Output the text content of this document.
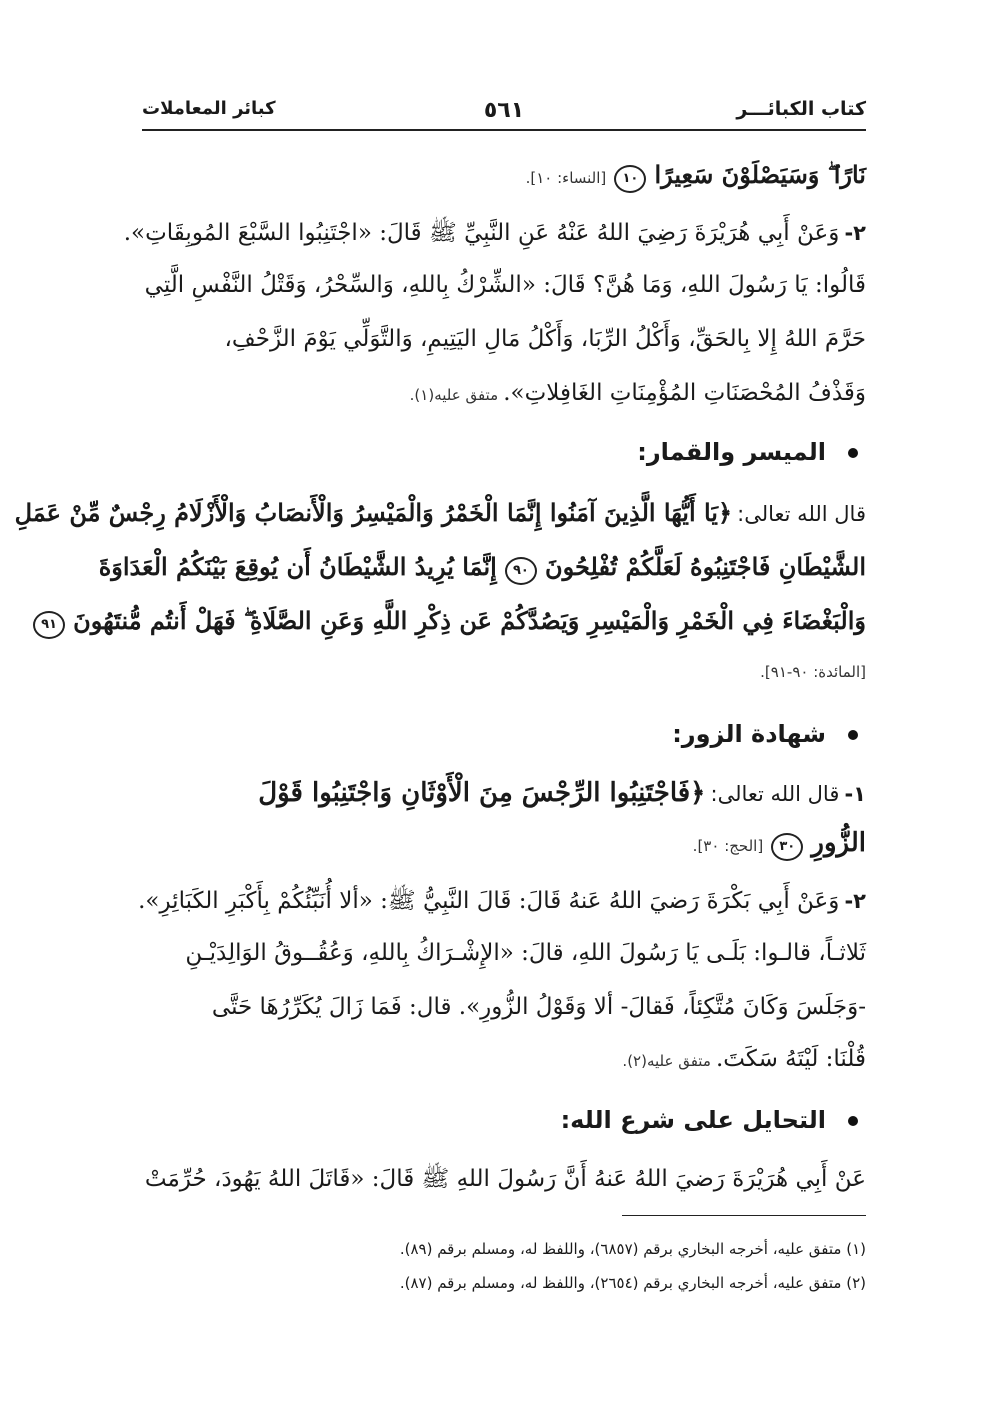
كتاب الكبائـــر
٥٦١
كبائر المعاملات
نَارًا ۖ وَسَيَصْلَوْنَ سَعِيرًا ١٠ [النساء: ١٠].
٢- وَعَنْ أَبِي هُرَيْرَةَ رَضِيَ اللهُ عَنْهُ عَنِ النَّبِيِّ ﷺ قَالَ: «اجْتَنِبُوا السَّبْعَ المُوبِقَاتِ».
قَالُوا: يَا رَسُولَ اللهِ، وَمَا هُنَّ؟ قَالَ: «الشِّرْكُ بِاللهِ، وَالسِّحْرُ، وَقَتْلُ النَّفْسِ الَّتِي
حَرَّمَ اللهُ إِلا بِالحَقِّ، وَأَكْلُ الرِّبَا، وَأَكْلُ مَالِ اليَتِيمِ، وَالتَّوَلِّي يَوْمَ الزَّحْفِ،
وَقَذْفُ المُحْصَنَاتِ المُؤْمِنَاتِ الغَافِلاتِ». متفق عليه(١).
الميسر والقمار:
قال الله تعالى: ﴿يَا أَيُّهَا الَّذِينَ آمَنُوا إِنَّمَا الْخَمْرُ وَالْمَيْسِرُ وَالْأَنصَابُ وَالْأَزْلَامُ رِجْسٌ مِّنْ عَمَلِ
الشَّيْطَانِ فَاجْتَنِبُوهُ لَعَلَّكُمْ تُفْلِحُونَ ٩٠ إِنَّمَا يُرِيدُ الشَّيْطَانُ أَن يُوقِعَ بَيْنَكُمُ الْعَدَاوَةَ
وَالْبَغْضَاءَ فِي الْخَمْرِ وَالْمَيْسِرِ وَيَصُدَّكُمْ عَن ذِكْرِ اللَّهِ وَعَنِ الصَّلَاةِ ۖ فَهَلْ أَنتُم مُّنتَهُونَ ٩١
[المائدة: ٩٠-٩١].
شهادة الزور:
١- قال الله تعالى: ﴿فَاجْتَنِبُوا الرِّجْسَ مِنَ الْأَوْثَانِ وَاجْتَنِبُوا قَوْلَ
الزُّورِ ٣٠ [الحج: ٣٠].
٢- وَعَنْ أَبِي بَكْرَةَ رَضيَ اللهُ عَنهُ قَالَ: قَالَ النَّبِيُّ ﷺ: «ألا أُنَبِّئُكُمْ بِأَكْبَرِ الكَبَائِرِ».
ثَلاثـاً، قالـوا: بَلَـى يَا رَسُولَ اللهِ، قالَ: «الإِشْـرَاكُ بِاللهِ، وَعُقُــوقُ الوَالِدَيْـنِ
-وَجَلَسَ وَكَانَ مُتَّكِئاً، فَقالَ- ألا وَقَوْلُ الزُّورِ». قال: فَمَا زَالَ يُكَرِّرُهَا حَتَّى
قُلْنَا: لَيْتَهُ سَكَتَ. متفق عليه(٢).
التحايل على شرع الله:
عَنْ أَبِي هُرَيْرَةَ رَضيَ اللهُ عَنهُ أَنَّ رَسُولَ اللهِ ﷺ قَالَ: «قَاتَلَ اللهُ يَهُودَ، حُرِّمَتْ
(١) متفق عليه، أخرجه البخاري برقم (٦٨٥٧)، واللفظ له، ومسلم برقم (٨٩).
(٢) متفق عليه، أخرجه البخاري برقم (٢٦٥٤)، واللفظ له، ومسلم برقم (٨٧).
